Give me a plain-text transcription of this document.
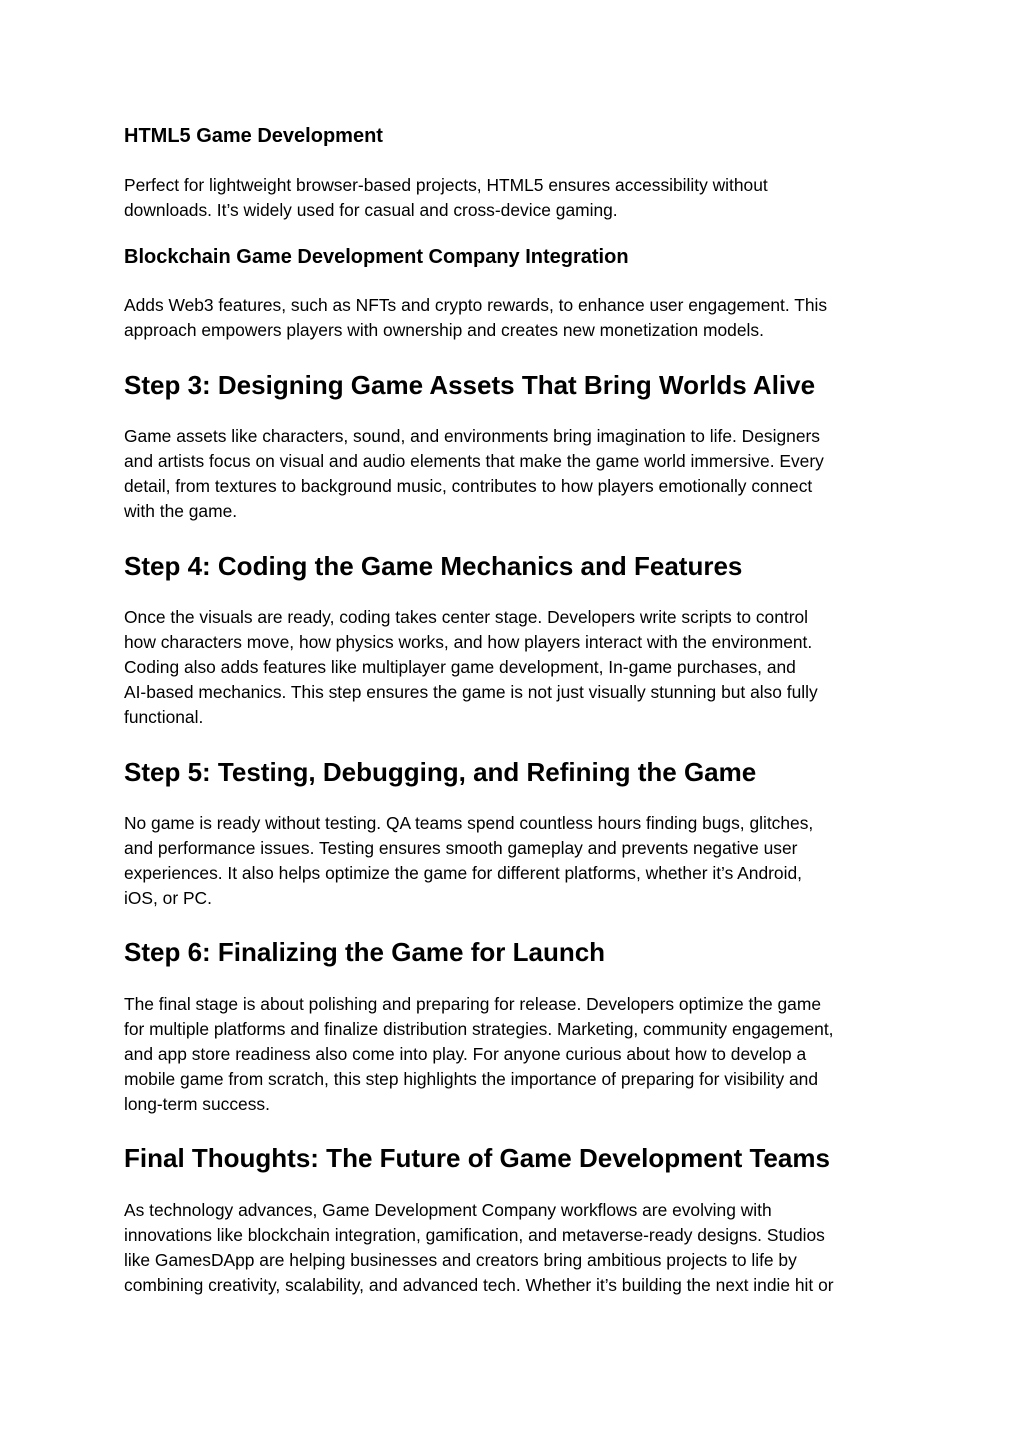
HTML5 Game Development

Perfect for lightweight browser-based projects, HTML5 ensures accessibility without
downloads. It’s widely used for casual and cross-device gaming.

Blockchain Game Development Company Integration

Adds Web3 features, such as NFTs and crypto rewards, to enhance user engagement. This
approach empowers players with ownership and creates new monetization models.

Step 3: Designing Game Assets That Bring Worlds Alive

Game assets like characters, sound, and environments bring imagination to life. Designers
and artists focus on visual and audio elements that make the game world immersive. Every
detail, from textures to background music, contributes to how players emotionally connect
with the game.

Step 4: Coding the Game Mechanics and Features

Once the visuals are ready, coding takes center stage. Developers write scripts to control
how characters move, how physics works, and how players interact with the environment.
Coding also adds features like multiplayer game development, In-game purchases, and
AI-based mechanics. This step ensures the game is not just visually stunning but also fully
functional.

Step 5: Testing, Debugging, and Refining the Game

No game is ready without testing. QA teams spend countless hours finding bugs, glitches,
and performance issues. Testing ensures smooth gameplay and prevents negative user
experiences. It also helps optimize the game for different platforms, whether it’s Android,
iOS, or PC.

Step 6: Finalizing the Game for Launch

The final stage is about polishing and preparing for release. Developers optimize the game
for multiple platforms and finalize distribution strategies. Marketing, community engagement,
and app store readiness also come into play. For anyone curious about how to develop a
mobile game from scratch, this step highlights the importance of preparing for visibility and
long-term success.

Final Thoughts: The Future of Game Development Teams

As technology advances, Game Development Company workflows are evolving with
innovations like blockchain integration, gamification, and metaverse-ready designs. Studios
like GamesDApp are helping businesses and creators bring ambitious projects to life by
combining creativity, scalability, and advanced tech. Whether it’s building the next indie hit or
